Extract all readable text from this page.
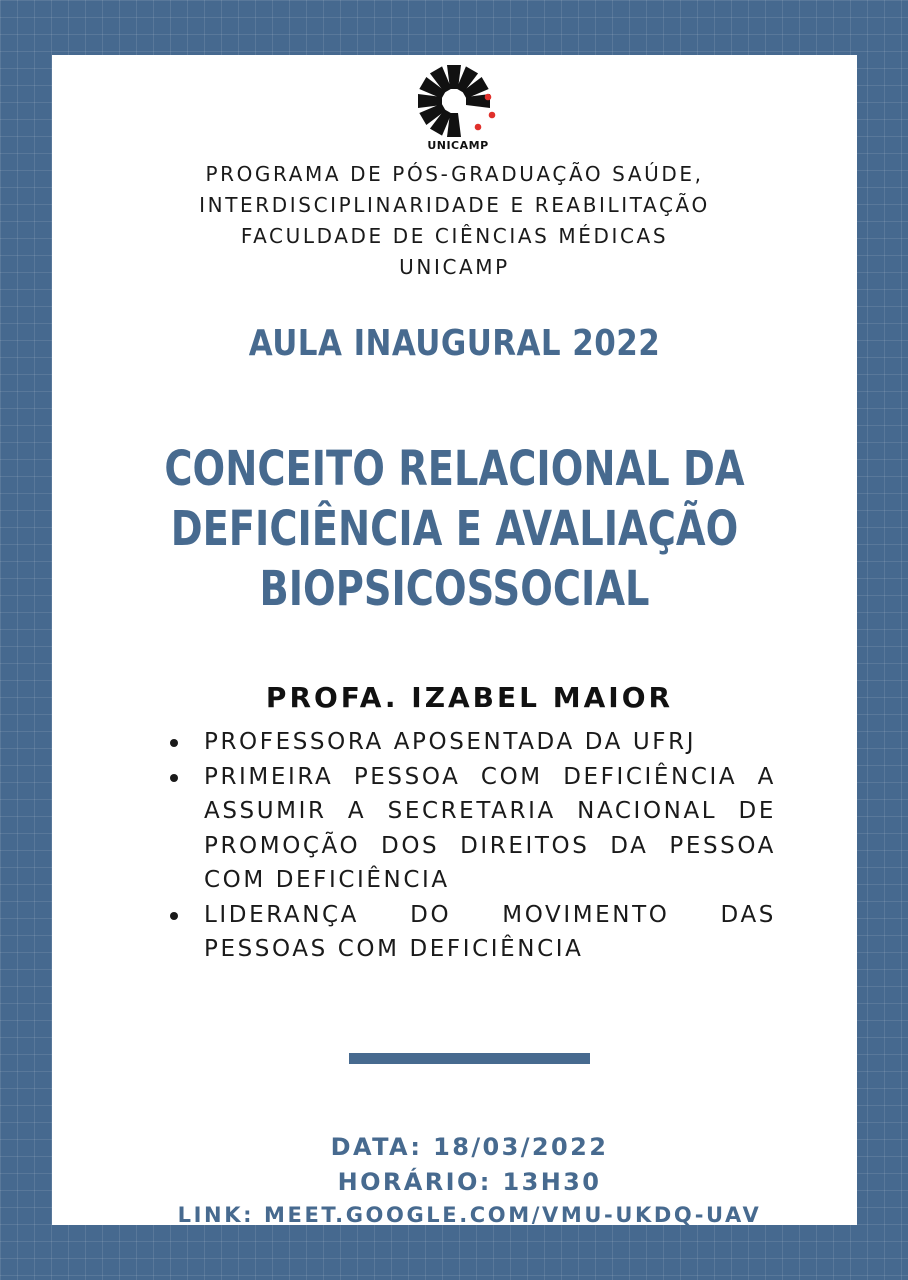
UNICAMP
PROGRAMA DE PÓS-GRADUAÇÃO SAÚDE,
INTERDISCIPLINARIDADE E REABILITAÇÃO
FACULDADE DE CIÊNCIAS MÉDICAS
UNICAMP
AULA INAUGURAL 2022
CONCEITO RELACIONAL DA
DEFICIÊNCIA E AVALIAÇÃO
BIOPSICOSSOCIAL
PROFA. IZABEL MAIOR
PROFESSORA APOSENTADA DA UFRJ
PRIMEIRA PESSOA COM DEFICIÊNCIA A ASSUMIR A SECRETARIA NACIONAL DE PROMOÇÃO DOS DIREITOS DA PESSOA COM DEFICIÊNCIA
LIDERANÇA DO MOVIMENTO DAS PESSOAS COM DEFICIÊNCIA
DATA: 18/03/2022
HORÁRIO: 13H30
LINK: MEET.GOOGLE.COM/VMU-UKDQ-UAV
